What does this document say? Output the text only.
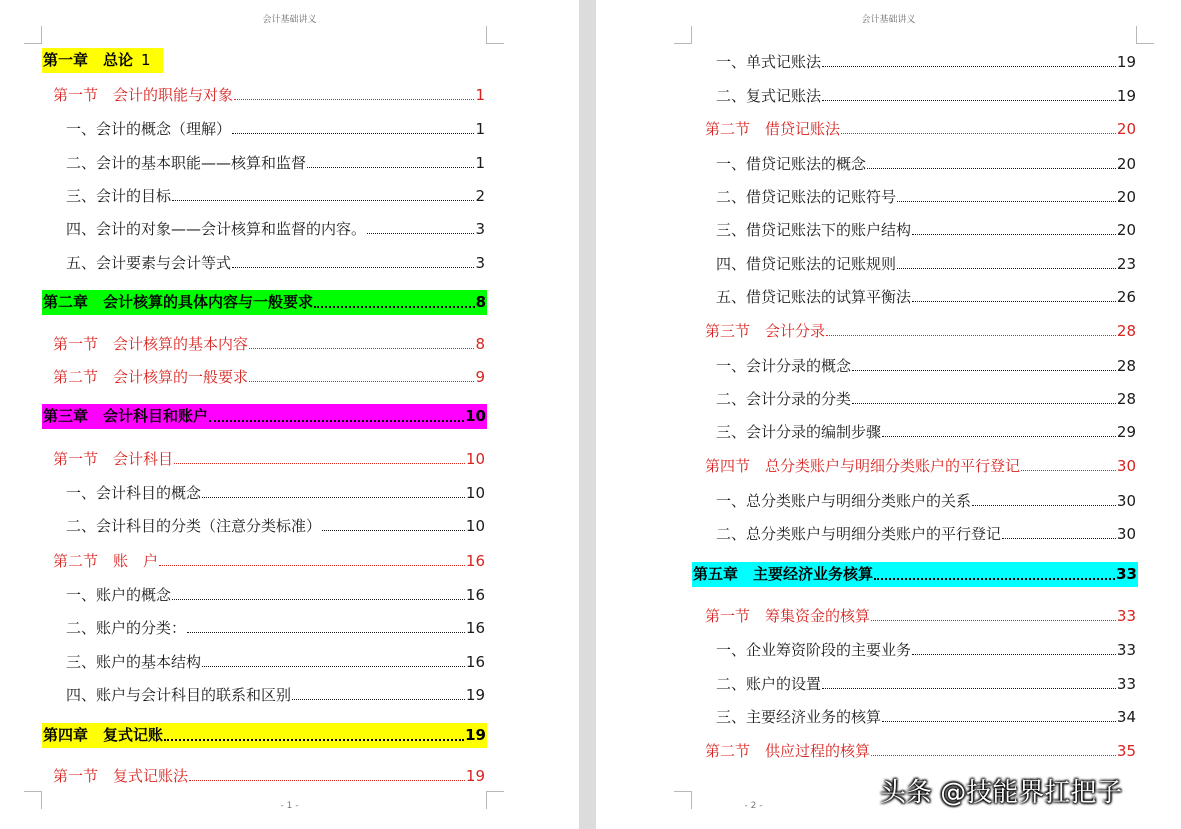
会计基础讲义
第一章　总论 1
第一节　会计的职能与对象	1
一、会计的概念（理解）	1
二、会计的基本职能——核算和监督	1
三、会计的目标	2
四、会计的对象——会计核算和监督的内容。	3
五、会计要素与会计等式	3
第二章　会计核算的具体内容与一般要求	8
第一节　会计核算的基本内容	8
第二节　会计核算的一般要求	9
第三章　会计科目和账户	10
第一节　会计科目	10
一、会计科目的概念	10
二、会计科目的分类（注意分类标准）	10
第二节　账　户	16
一、账户的概念	16
二、账户的分类：	16
三、账户的基本结构	16
四、账户与会计科目的联系和区别	19
第四章　复式记账	19
第一节　复式记账法	19
- 1 -
会计基础讲义
一、单式记账法	19
二、复式记账法	19
第二节　借贷记账法	20
一、借贷记账法的概念	20
二、借贷记账法的记账符号	20
三、借贷记账法下的账户结构	20
四、借贷记账法的记账规则	23
五、借贷记账法的试算平衡法	26
第三节　会计分录	28
一、会计分录的概念	28
二、会计分录的分类	28
三、会计分录的编制步骤	29
第四节　总分类账户与明细分类账户的平行登记	30
一、总分类账户与明细分类账户的关系	30
二、总分类账户与明细分类账户的平行登记	30
第五章　主要经济业务核算	33
第一节　筹集资金的核算	33
一、企业筹资阶段的主要业务	33
二、账户的设置	33
三、主要经济业务的核算	34
第二节　供应过程的核算	35
- 2 -	头条 @技能界扛把子
